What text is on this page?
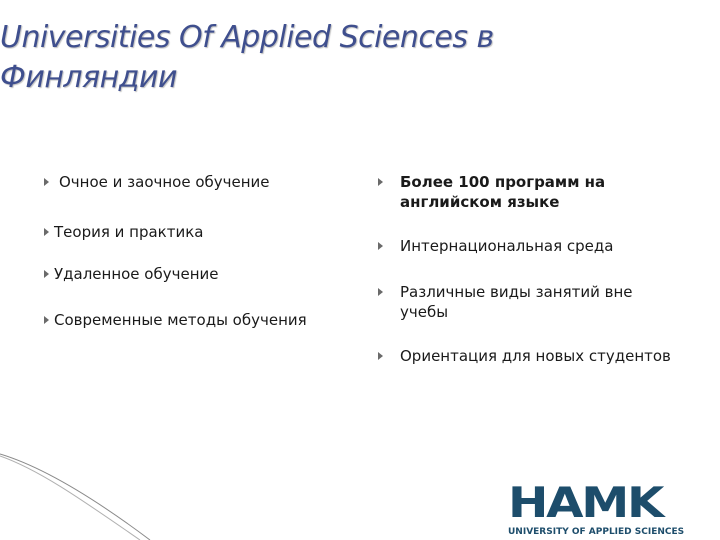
Universities Of Applied Sciences в
Финляндии
Очное и заочное обучение
Теория и практика
Удаленное обучение
Современные методы обучения
Более 100 программ на английском языке
Интернациональная среда
Различные виды занятий вне учебы
Ориентация для новых студентов
HAMK
UNIVERSITY OF APPLIED SCIENCES
